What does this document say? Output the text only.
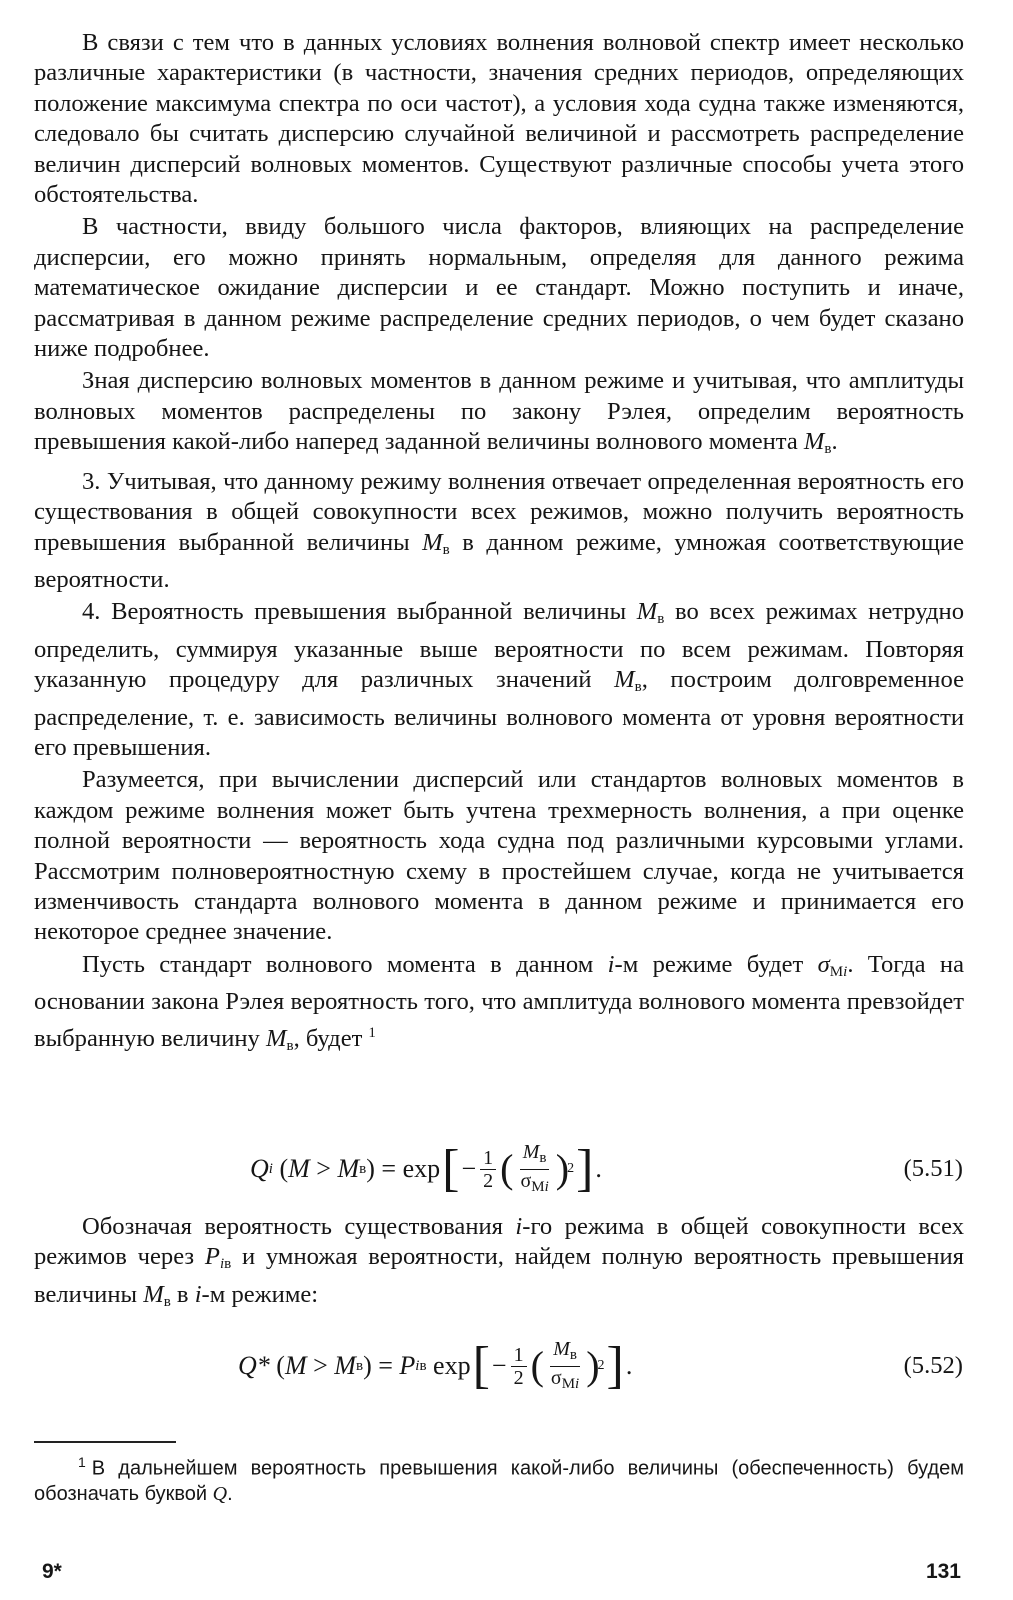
В связи с тем что в данных условиях волнения волновой спектр имеет несколько различные характеристики (в частности, значения средних периодов, определяющих положение максимума спектра по оси частот), а условия хода судна также изменяются, следовало бы считать дисперсию случайной величиной и рассмотреть распределение величин дисперсий волновых моментов. Существуют различные способы учета этого обстоятельства.

В частности, ввиду большого числа факторов, влияющих на распределение дисперсии, его можно принять нормальным, определяя для данного режима математическое ожидание дисперсии и ее стандарт. Можно поступить и иначе, рассматривая в данном режиме распределение средних периодов, о чем будет сказано ниже подробнее.

Зная дисперсию волновых моментов в данном режиме и учитывая, что амплитуды волновых моментов распределены по закону Рэлея, определим вероятность превышения какой-либо наперед заданной величины волнового момента $M_в$.

3. Учитывая, что данному режиму волнения отвечает определенная вероятность его существования в общей совокупности всех режимов, можно получить вероятность превышения выбранной величины $M_в$ в данном режиме, умножая соответствующие вероятности.

4. Вероятность превышения выбранной величины $M_в$ во всех режимах нетрудно определить, суммируя указанные выше вероятности по всем режимам. Повторяя указанную процедуру для различных значений $M_в$, построим долговременное распределение, т. е. зависимость величины волнового момента от уровня вероятности его превышения.

Разумеется, при вычислении дисперсий или стандартов волновых моментов в каждом режиме волнения может быть учтена трехмерность волнения, а при оценке полной вероятности — вероятность хода судна под различными курсовыми углами. Рассмотрим полновероятностную схему в простейшем случае, когда не учитывается изменчивость стандарта волнового момента в данном режиме и принимается его некоторое среднее значение.

Пусть стандарт волнового момента в данном i-м режиме будет $\sigma_{Мi}$. Тогда на основании закона Рэлея вероятность того, что амплитуда волнового момента превзойдет выбранную величину $M_в$, будет $^1$

Q i ( M > M в ) = exp [ − $\frac{1}{2}$ ( $\frac{M_в}{\sigma_{Мi}}$ )
2 ] .	(5.51)

Обозначая вероятность существования i-го режима в общей совокупности всех режимов через $P_{iв}$ и умножая вероятности, найдем полную вероятность превышения величины $M_в$ в i-м режиме:

Q* ( M > M в ) = P iв
exp [ − $\frac{1}{2}$ ( $\frac{M_в}{\sigma_{Мi}}$ )
2 ] .	(5.52)

$^1$ В дальнейшем вероятность превышения какой-либо величины (обеспеченность) будем обозначать буквой Q.

9*	131
